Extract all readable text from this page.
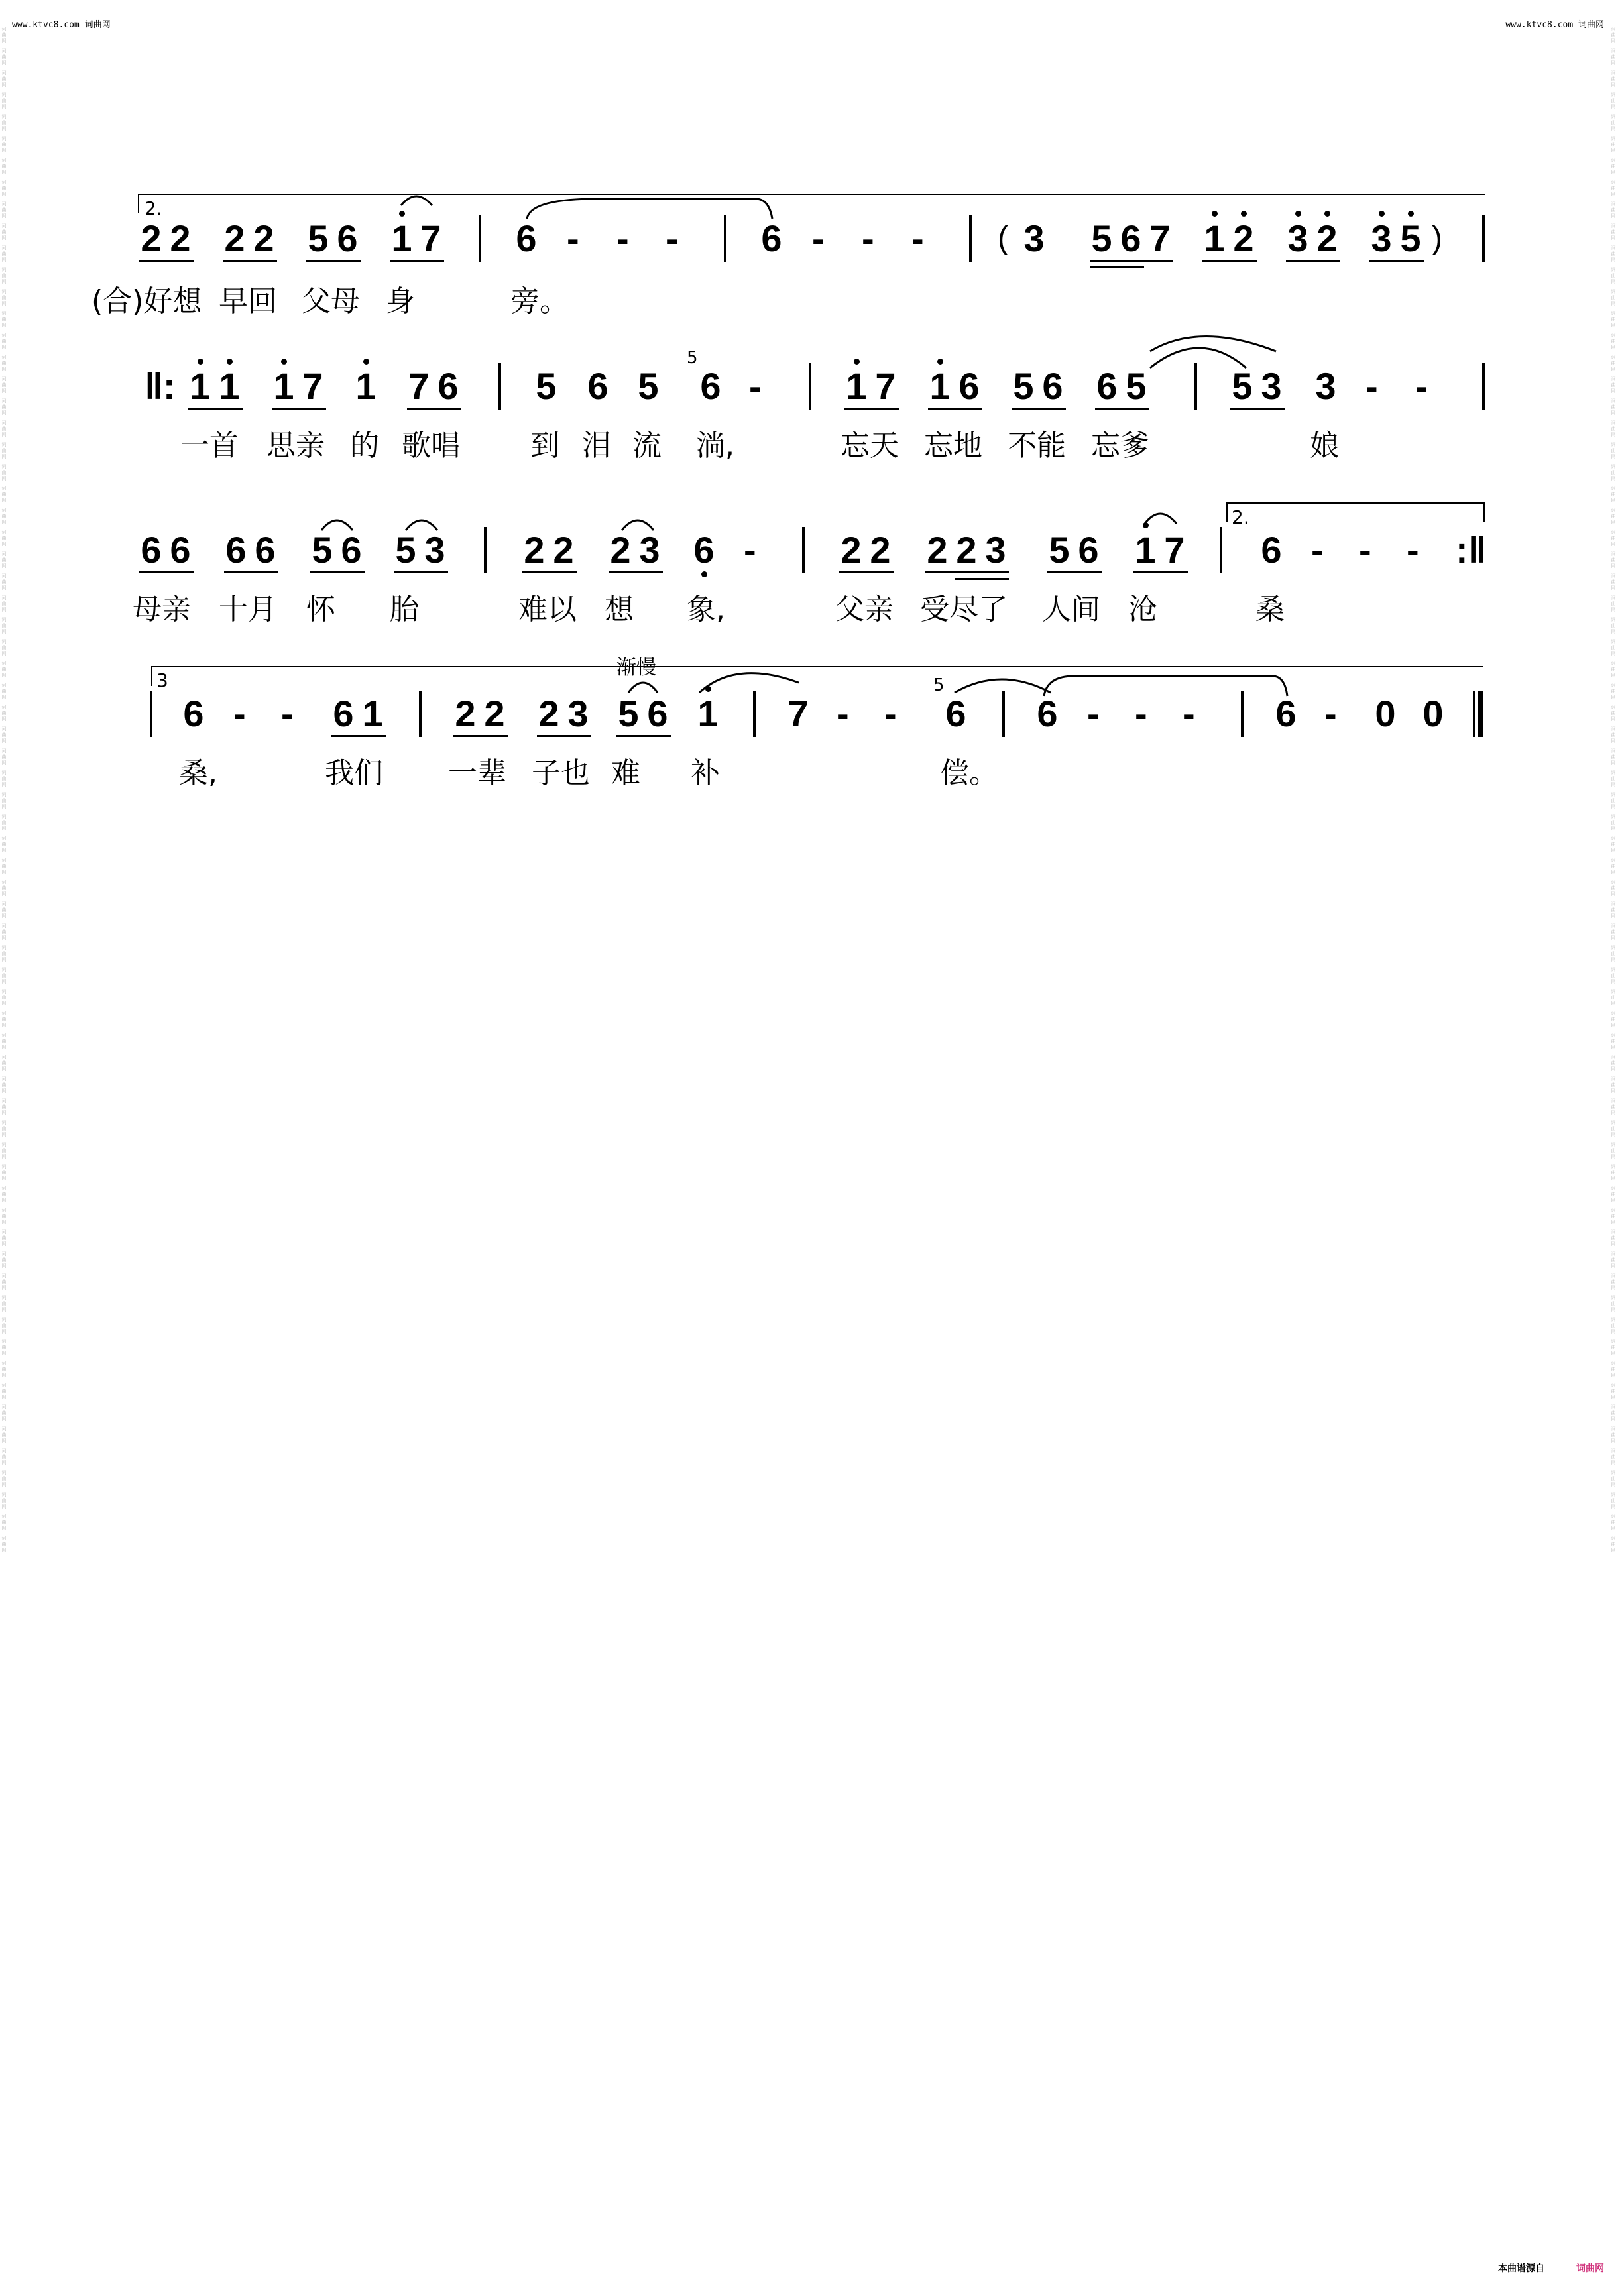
www.ktvc8.com 词曲网	www.ktvc8.com 词曲网
词曲网
词曲网
词曲网
词曲网
词曲网
词曲网
词曲网
词曲网
词曲网
词曲网
词曲网
词曲网
词曲网
词曲网
词曲网
词曲网
词曲网
词曲网
词曲网
词曲网
词曲网
词曲网
词曲网
词曲网
词曲网
词曲网
词曲网
词曲网
词曲网
词曲网
词曲网
词曲网
词曲网
词曲网
词曲网
词曲网
词曲网
词曲网
词曲网
词曲网
词曲网
词曲网
词曲网
词曲网
词曲网
词曲网
词曲网
词曲网
词曲网
词曲网
词曲网
词曲网
词曲网
词曲网
词曲网
词曲网
词曲网
词曲网
词曲网
词曲网
词曲网
词曲网
词曲网
词曲网
词曲网
词曲网
词曲网
词曲网
词曲网
词曲网
词曲网
词曲网
词曲网
词曲网
词曲网
词曲网
词曲网
词曲网
词曲网
词曲网
词曲网
词曲网
词曲网
词曲网
词曲网
词曲网
词曲网
词曲网
词曲网
词曲网
词曲网
词曲网
词曲网
词曲网
词曲网
词曲网
词曲网
词曲网
词曲网
词曲网
词曲网
词曲网
词曲网
词曲网
词曲网
词曲网
词曲网
词曲网
词曲网
词曲网
词曲网
词曲网
词曲网
词曲网
词曲网
词曲网
词曲网
词曲网
词曲网
词曲网
词曲网
词曲网
词曲网
词曲网
词曲网
词曲网
词曲网
词曲网
词曲网
词曲网
词曲网
词曲网
词曲网
词曲网
词曲网
词曲网
词曲网
词曲网
词曲网
词曲网
2.
2 2 2 2 5 6 1 7 6 - - - 6 - - - ( 3 5 6 7 1 2 3 2 3 5 )
(合)好想 早回 父母 身	旁。
‖: 1 1 1 7 1 7 6 5 6 5
5
6 - 1 7 1 6 5 6 6 5 5 3 3 - -
一首 思亲 的 歌唱 到 泪 流 淌,	忘天 忘地 不能 忘爹	娘
2.
6 6 6 6 5 6 5 3 2 2 2 3 6 - 2 2 2 2 3 5 6 1 7 6 - - - :‖
母亲 十月 怀 胎	难以 想 象,	父亲 受尽了 人间 沧	桑
3
渐慢
6 - - 6 1 2 2 2 3 5 6 1 7 - -
5
6 6 - - - 6 - 0 0
桑,	我们 一辈 子也 难 补	偿。
本曲谱源自	词曲网
